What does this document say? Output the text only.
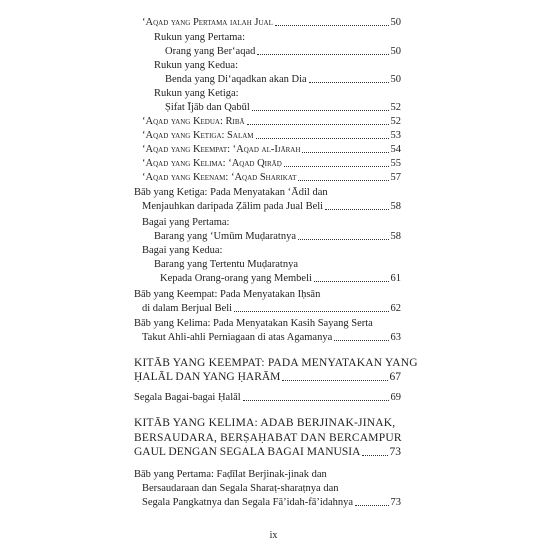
‘Aqad yang Pertama ialah Jual	50
Rukun yang Pertama:
Orang yang Ber‘aqad	50
Rukun yang Kedua:
Benda yang Di‘aqadkan akan Dia	50
Rukun yang Ketiga:
Ṣifat Ījāb dan Qabūl	52
‘Aqad yang Kedua: Ribā	52
‘Aqad yang Ketiga: Salam	53
‘Aqad yang Keempat: ‘Aqad al-Ijārah	54
‘Aqad yang Kelima: ‘Aqad Qirāḍ	55
‘Aqad yang Keenam: ‘Aqad Sharikat	57
Bāb yang Ketiga: Pada Menyatakan ‘Ādil dan
Menjauhkan daripada Ẓālim pada Jual Beli	58
Bagai yang Pertama:
Barang yang ‘Umūm Muḍaratnya	58
Bagai yang Kedua:
Barang yang Tertentu Muḍaratnya
Kepada Orang-orang yang Membeli	61
Bāb yang Keempat: Pada Menyatakan Iḥsān
di dalam Berjual Beli	62
Bāb yang Kelima: Pada Menyatakan Kasih Sayang Serta
Takut Ahli-ahli Perniagaan di atas Agamanya	63
KITĀB YANG KEEMPAT: PADA MENYATAKAN YANG
ḤALĀL DAN YANG ḤARĀM	67
Segala Bagai-bagai Ḥalāl	69
KITĀB YANG KELIMA: ADAB BERJINAK-JINAK,
BERSAUDARA, BERṢAḤABAT DAN BERCAMPUR
GAUL DENGAN SEGALA BAGAI MANUSIA	73
Bāb yang Pertama: Faḍīlat Berjinak-jinak dan
Bersaudaraan dan Segala Sharaṭ-sharaṭnya dan
Segala Pangkatnya dan Segala Fā’idah-fā’idahnya	73
ix
